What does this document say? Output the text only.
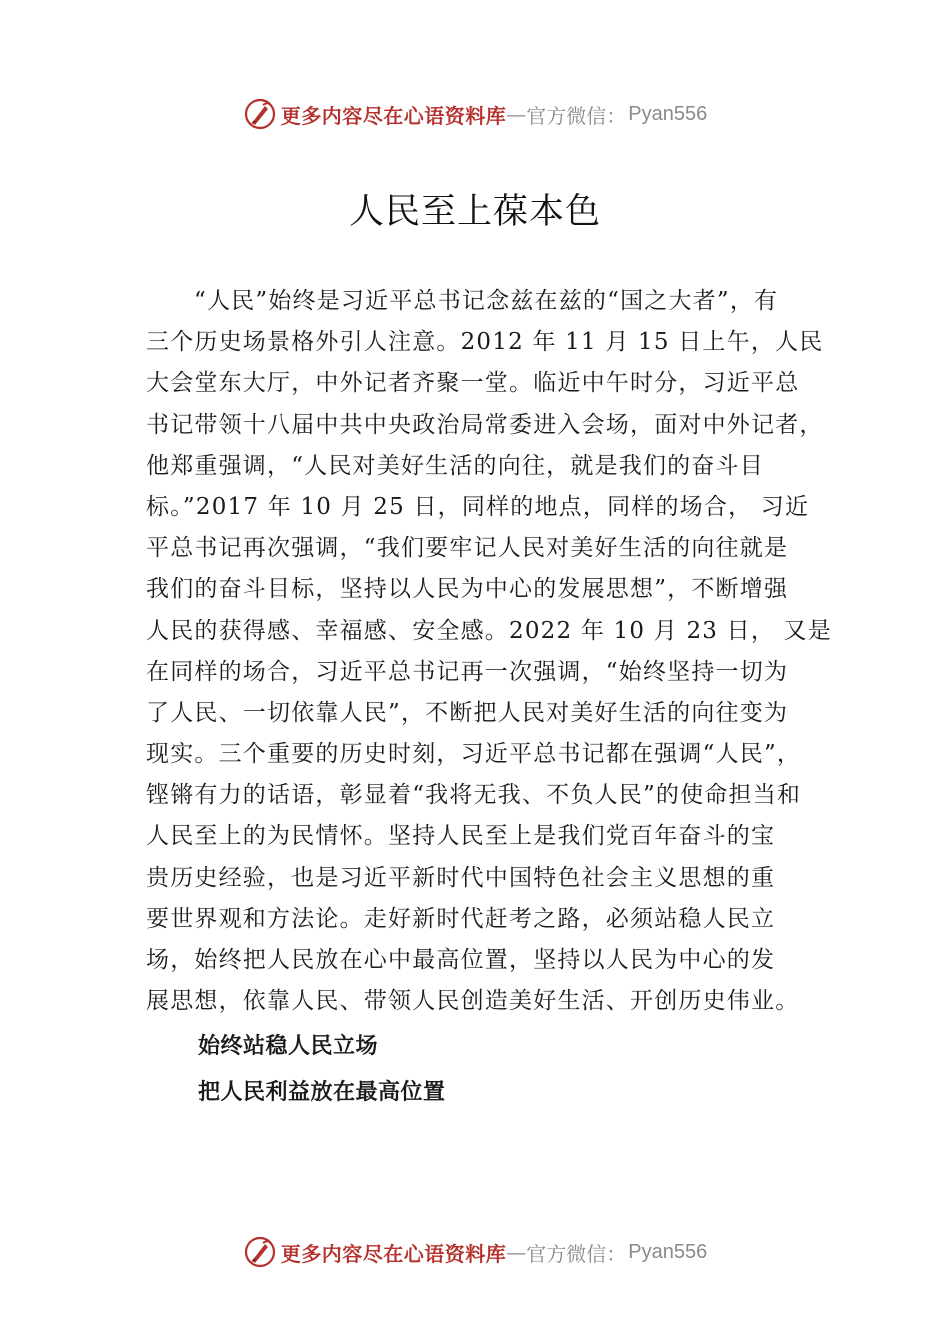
更多内容尽在心语资料库 — 官方微信： Pyan556
人民至上葆本色
“人民”始终是习近平总书记念兹在兹的“国之大者”，有
三个历史场景格外引人注意。2012 年 11 月 15 日上午，人民
大会堂东大厅，中外记者齐聚一堂。临近中午时分，习近平总
书记带领十八届中共中央政治局常委进入会场，面对中外记者，
他郑重强调，“人民对美好生活的向往，就是我们的奋斗目
标。”2017 年 10 月 25 日，同样的地点，同样的场合， 习近
平总书记再次强调，“我们要牢记人民对美好生活的向往就是
我们的奋斗目标，坚持以人民为中心的发展思想”，不断增强
人民的获得感、幸福感、安全感。2022 年 10 月 23 日， 又是
在同样的场合，习近平总书记再一次强调，“始终坚持一切为
了人民、一切依靠人民”，不断把人民对美好生活的向往变为
现实。三个重要的历史时刻，习近平总书记都在强调“人民”，
铿锵有力的话语，彰显着“我将无我、不负人民”的使命担当和
人民至上的为民情怀。坚持人民至上是我们党百年奋斗的宝
贵历史经验，也是习近平新时代中国特色社会主义思想的重
要世界观和方法论。走好新时代赶考之路，必须站稳人民立
场，始终把人民放在心中最高位置，坚持以人民为中心的发
展思想，依靠人民、带领人民创造美好生活、开创历史伟业。
始终站稳人民立场
把人民利益放在最高位置
更多内容尽在心语资料库 — 官方微信： Pyan556
